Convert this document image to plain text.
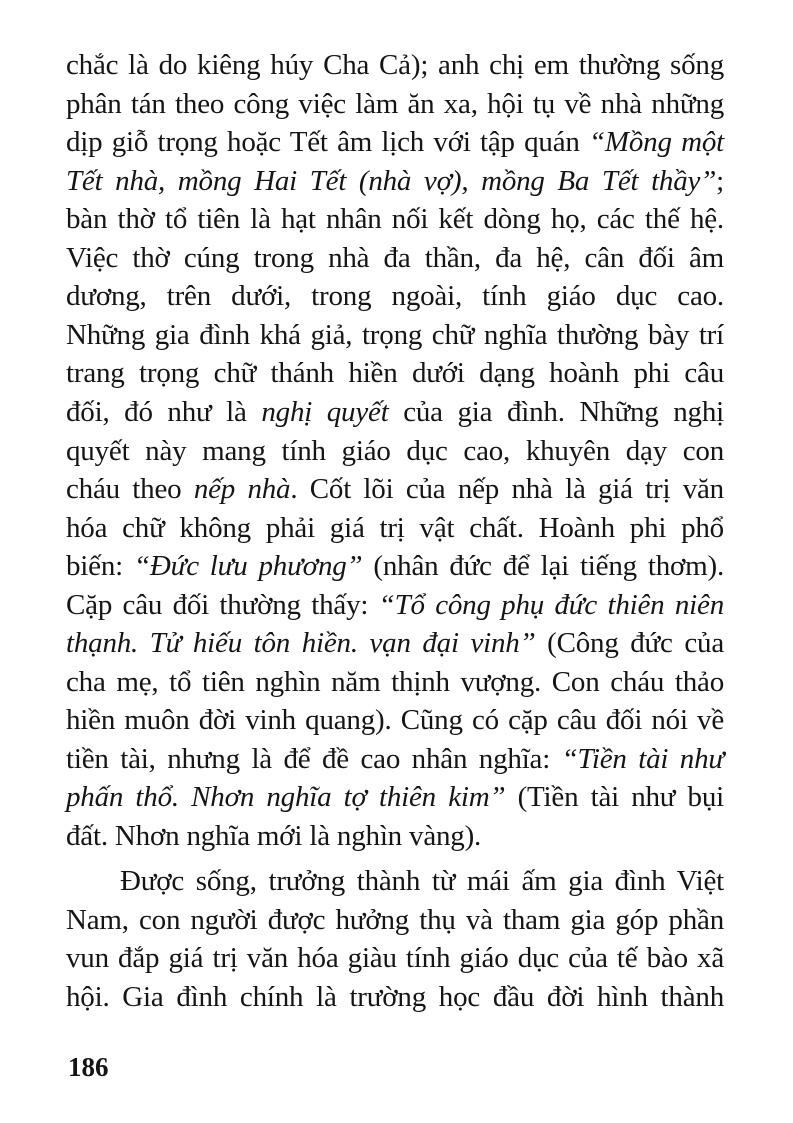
chắc là do kiêng húy Cha Cả); anh chị em thường sống
phân tán theo công việc làm ăn xa, hội tụ về nhà những
dịp giỗ trọng hoặc Tết âm lịch với tập quán “Mồng một
Tết nhà, mồng Hai Tết (nhà vợ), mồng Ba Tết thầy”;
bàn thờ tổ tiên là hạt nhân nối kết dòng họ, các thế hệ.
Việc thờ cúng trong nhà đa thần, đa hệ, cân đối âm
dương, trên dưới, trong ngoài, tính giáo dục cao.
Những gia đình khá giả, trọng chữ nghĩa thường bày trí
trang trọng chữ thánh hiền dưới dạng hoành phi câu
đối, đó như là nghị quyết của gia đình. Những nghị
quyết này mang tính giáo dục cao, khuyên dạy con
cháu theo nếp nhà. Cốt lõi của nếp nhà là giá trị văn
hóa chữ không phải giá trị vật chất. Hoành phi phổ
biến: “Đức lưu phương” (nhân đức để lại tiếng thơm).
Cặp câu đối thường thấy: “Tổ công phụ đức thiên niên
thạnh. Tử hiếu tôn hiền. vạn đại vinh” (Công đức của
cha mẹ, tổ tiên nghìn năm thịnh vượng. Con cháu thảo
hiền muôn đời vinh quang). Cũng có cặp câu đối nói về
tiền tài, nhưng là để đề cao nhân nghĩa: “Tiền tài như
phấn thổ. Nhơn nghĩa tợ thiên kim” (Tiền tài như bụi
đất. Nhơn nghĩa mới là nghìn vàng).
Được sống, trưởng thành từ mái ấm gia đình Việt
Nam, con người được hưởng thụ và tham gia góp phần
vun đắp giá trị văn hóa giàu tính giáo dục của tế bào xã
hội. Gia đình chính là trường học đầu đời hình thành
186
